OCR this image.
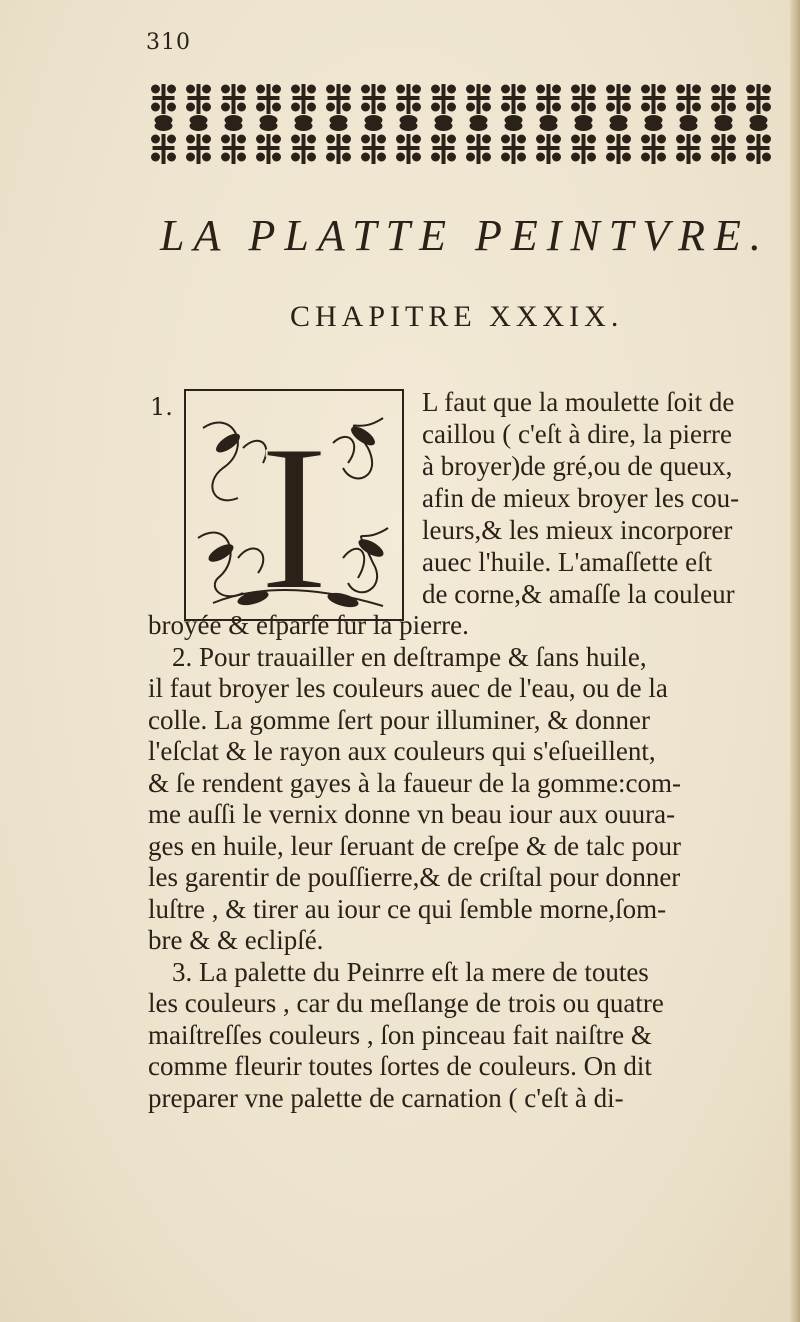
310
LA PLATTE PEINTVRE.
CHAPITRE XXXIX.
1. I	L faut que la moulette ſoit de
caillou ( c'eſt à dire, la pierre
à broyer)de gré,ou de queux,
afin de mieux broyer les cou-
leurs,& les mieux incorporer
auec l'huile. L'amaſſette eſt
de corne,& amaſſe la couleur
broyée & eſparſe ſur la pierre.
2. Pour trauailler en deſtrampe & ſans huile,
il faut broyer les couleurs auec de l'eau, ou de la
colle. La gomme ſert pour illuminer, & donner
l'eſclat & le rayon aux couleurs qui s'eſueillent,
& ſe rendent gayes à la faueur de la gomme:com-
me auſſi le vernix donne vn beau iour aux ouura-
ges en huile, leur ſeruant de creſpe & de talc pour
les garentir de pouſſierre,& de criſtal pour donner
luſtre , & tirer au iour ce qui ſemble morne,ſom-
bre & & eclipſé.
3. La palette du Peinrre eſt la mere de toutes
les couleurs , car du meſlange de trois ou quatre
maiſtreſſes couleurs , ſon pinceau fait naiſtre &
comme fleurir toutes ſortes de couleurs. On dit
preparer vne palette de carnation ( c'eſt à di-
